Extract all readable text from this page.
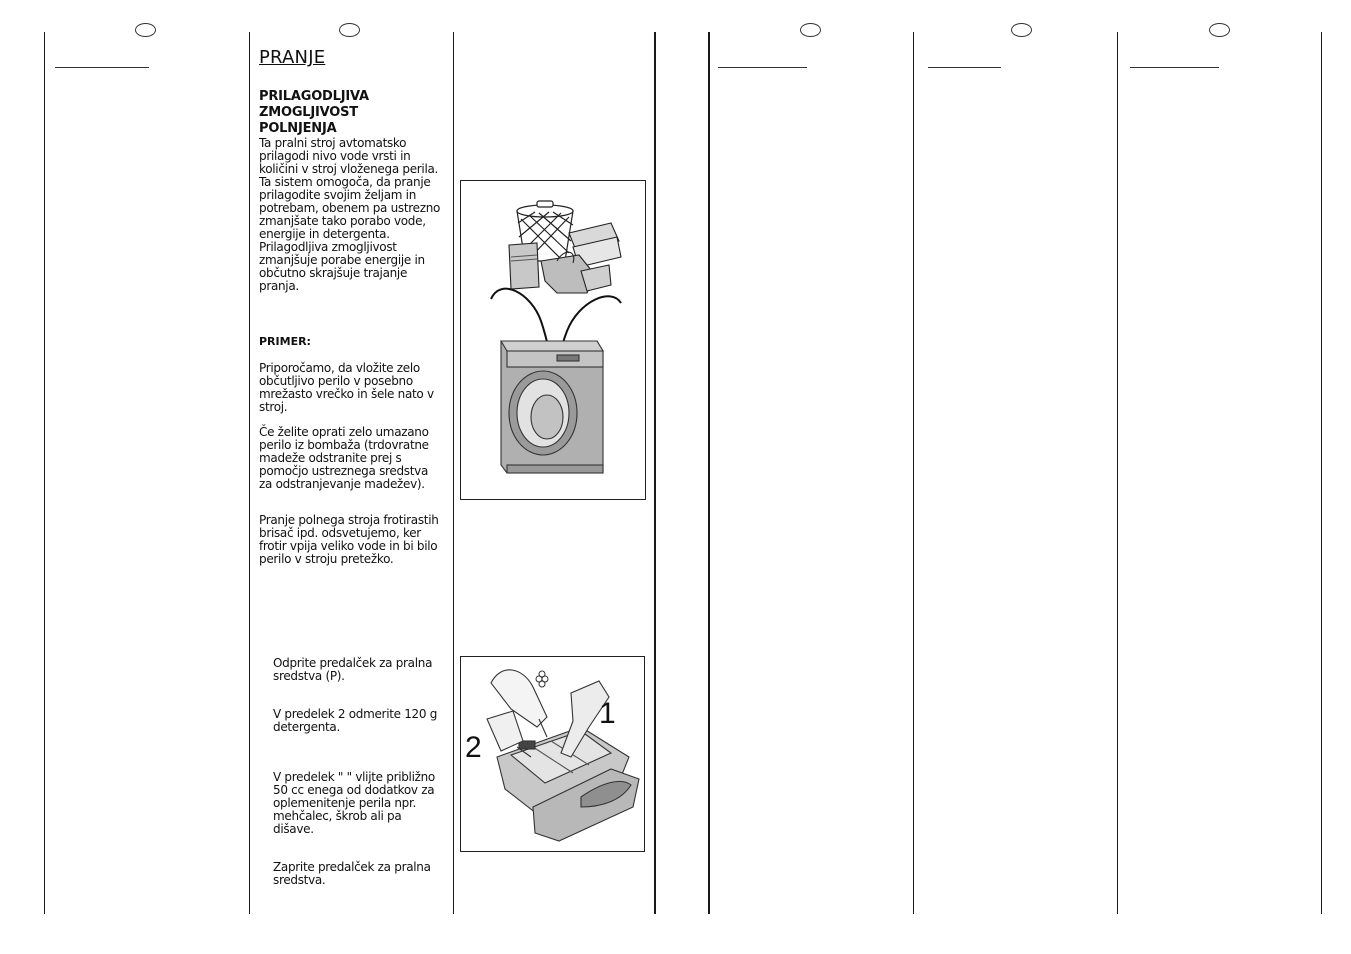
PRANJE
PRILAGODLJIVA ZMOGLJIVOST POLNJENJA
Ta pralni stroj avtomatsko prilagodi nivo vode vrsti in količini v stroj vloženega perila. Ta sistem omogoča, da pranje prilagodite svojim željam in potrebam, obenem pa ustrezno zmanjšate tako porabo vode, energije in detergenta. Prilagodljiva zmogljivost zmanjšuje porabe energije in občutno skrajšuje trajanje pranja.
PRIMER:
Priporočamo, da vložite zelo občutljivo perilo v posebno mrežasto vrečko in šele nato v stroj.
Če želite oprati zelo umazano perilo iz bombaža (trdovratne madeže odstranite prej s pomočjo ustreznega sredstva za odstranjevanje madežev).
Pranje polnega stroja frotirastih brisač ipd. odsvetujemo, ker frotir vpija veliko vode in bi bilo perilo v stroju pretežko.
Odprite predalček za pralna sredstva (P).
V predelek 2 odmerite 120 g detergenta.
V predelek " " vlijte približno 50 cc enega od dodatkov za oplemenitenje perila npr. mehčalec, škrob ali pa dišave.
Zaprite predalček za pralna sredstva.
1
2
